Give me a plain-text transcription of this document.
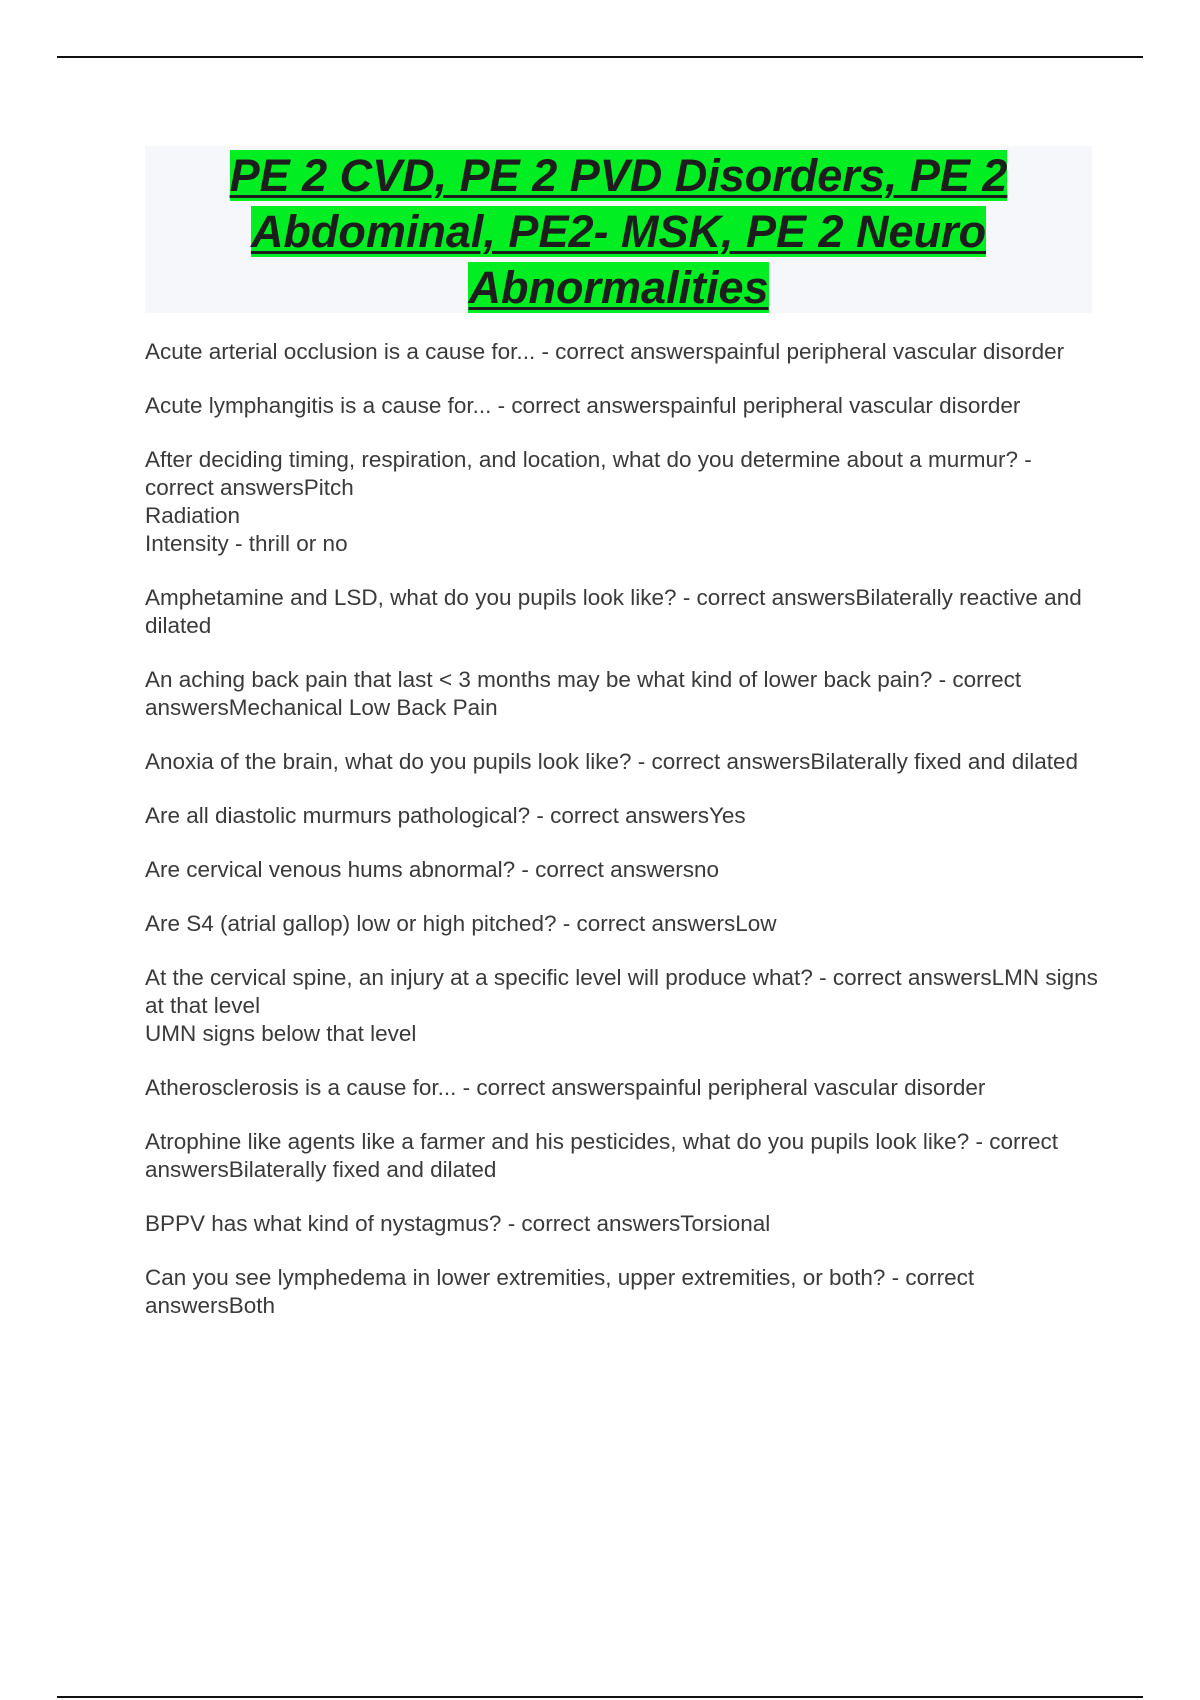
PE 2 CVD, PE 2 PVD Disorders, PE 2 Abdominal, PE2- MSK, PE 2 Neuro Abnormalities
Acute arterial occlusion is a cause for... - correct answerspainful peripheral vascular disorder
Acute lymphangitis is a cause for... - correct answerspainful peripheral vascular disorder
After deciding timing, respiration, and location, what do you determine about a murmur? - correct answersPitch
Radiation
Intensity - thrill or no
Amphetamine and LSD, what do you pupils look like? - correct answersBilaterally reactive and dilated
An aching back pain that last < 3 months may be what kind of lower back pain? - correct answersMechanical Low Back Pain
Anoxia of the brain, what do you pupils look like? - correct answersBilaterally fixed and dilated
Are all diastolic murmurs pathological? - correct answersYes
Are cervical venous hums abnormal? - correct answersno
Are S4 (atrial gallop) low or high pitched? - correct answersLow
At the cervical spine, an injury at a specific level will produce what? - correct answersLMN signs at that level
UMN signs below that level
Atherosclerosis is a cause for... - correct answerspainful peripheral vascular disorder
Atrophine like agents like a farmer and his pesticides, what do you pupils look like? - correct answersBilaterally fixed and dilated
BPPV has what kind of nystagmus? - correct answersTorsional
Can you see lymphedema in lower extremities, upper extremities, or both? - correct answersBoth
